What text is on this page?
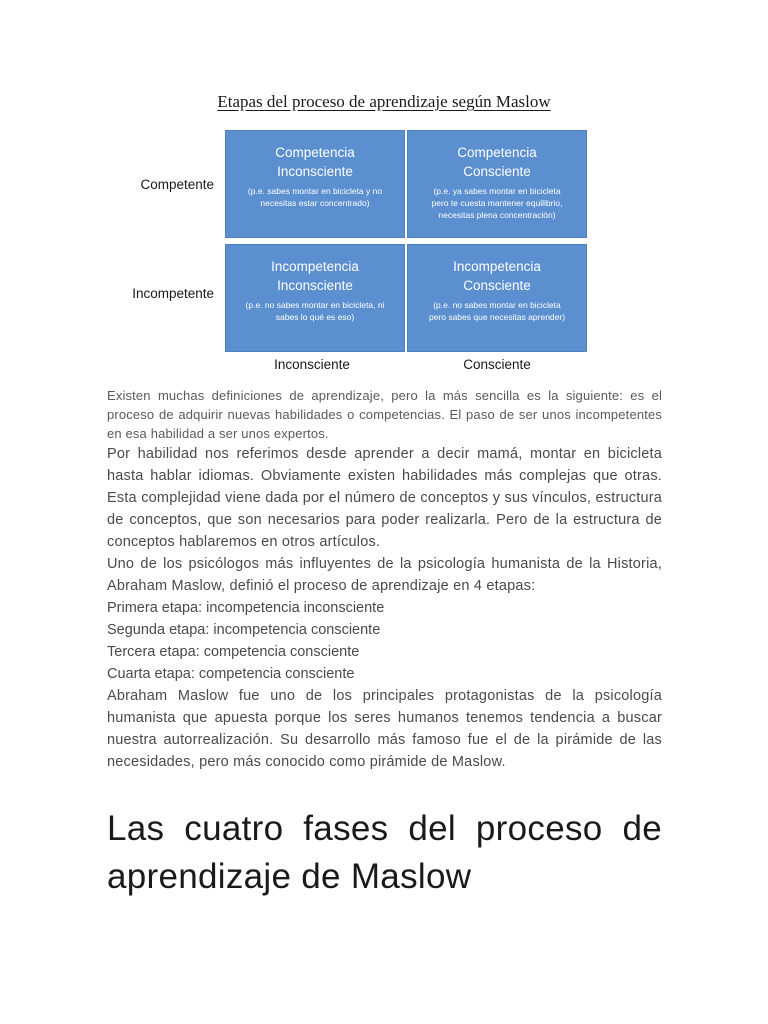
Etapas del proceso de aprendizaje según Maslow
Competente
Incompetente
Competencia Inconsciente
(p.e. sabes montar en bicicleta y no necesitas estar concentrado)
Competencia Consciente
(p.e. ya sabes montar en bicicleta pero te cuesta mantener equilibrio, necesitas plena concentración)
Incompetencia Inconsciente
(p.e. no sabes montar en bicicleta, ni sabes lo qué es eso)
Incompetencia Consciente
(p.e. no sabes montar en bicicleta pero sabes que necesitas aprender)
Inconsciente	Consciente
Existen muchas definiciones de aprendizaje, pero la más sencilla es la siguiente: es el proceso de adquirir nuevas habilidades o competencias. El paso de ser unos incompetentes en esa habilidad a ser unos expertos.
Por habilidad nos referimos desde aprender a decir mamá, montar en bicicleta hasta hablar idiomas. Obviamente existen habilidades más complejas que otras. Esta complejidad viene dada por el número de conceptos y sus vínculos, estructura de conceptos, que son necesarios para poder realizarla. Pero de la estructura de conceptos hablaremos en otros artículos.
Uno de los psicólogos más influyentes de la psicología humanista de la Historia, Abraham Maslow, definió el proceso de aprendizaje en 4 etapas:
Primera etapa: incompetencia inconsciente
Segunda etapa: incompetencia consciente
Tercera etapa: competencia consciente
Cuarta etapa: competencia consciente
Abraham Maslow fue uno de los principales protagonistas de la psicología humanista que apuesta porque los seres humanos tenemos tendencia a buscar nuestra autorrealización. Su desarrollo más famoso fue el de la pirámide de las necesidades, pero más conocido como pirámide de Maslow.
Las cuatro fases del proceso de aprendizaje de Maslow
